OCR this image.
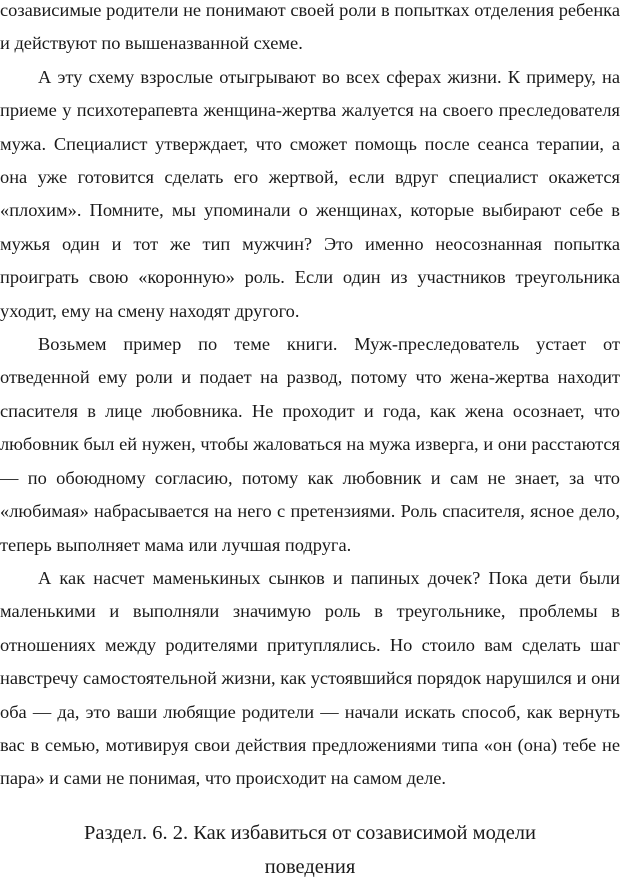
созависимые родители не понимают своей роли в попытках отделения ребенка и действуют по вышеназванной схеме.

А эту схему взрослые отыгрывают во всех сферах жизни. К примеру, на приеме у психотерапевта женщина-жертва жалуется на своего преследователя мужа. Специалист утверждает, что сможет помощь после сеанса терапии, а она уже готовится сделать его жертвой, если вдруг специалист окажется «плохим». Помните, мы упоминали о женщинах, которые выбирают себе в мужья один и тот же тип мужчин? Это именно неосознанная попытка проиграть свою «коронную» роль. Если один из участников треугольника уходит, ему на смену находят другого.

Возьмем пример по теме книги. Муж-преследователь устает от отведенной ему роли и подает на развод, потому что жена-жертва находит спасителя в лице любовника. Не проходит и года, как жена осознает, что любовник был ей нужен, чтобы жаловаться на мужа изверга, и они расстаются — по обоюдному согласию, потому как любовник и сам не знает, за что «любимая» набрасывается на него с претензиями. Роль спасителя, ясное дело, теперь выполняет мама или лучшая подруга.

А как насчет маменькиных сынков и папиных дочек? Пока дети были маленькими и выполняли значимую роль в треугольнике, проблемы в отношениях между родителями притуплялись. Но стоило вам сделать шаг навстречу самостоятельной жизни, как устоявшийся порядок нарушился и они оба — да, это ваши любящие родители — начали искать способ, как вернуть вас в семью, мотивируя свои действия предложениями типа «он (она) тебе не пара» и сами не понимая, что происходит на самом деле.

Раздел. 6. 2. Как избавиться от созависимой модели

поведения
